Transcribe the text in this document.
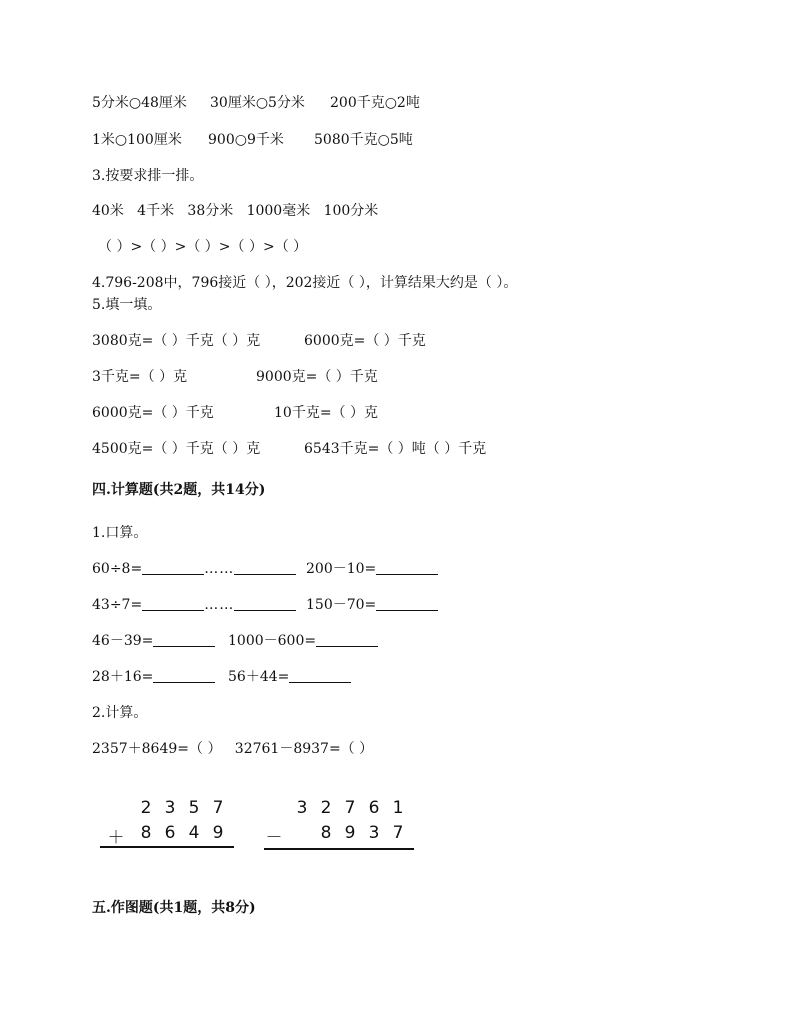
5分米○48厘米 30厘米○5分米 200千克○2吨
1米○100厘米 900○9千米 5080千克○5吨
3.按要求排一排。
40米   4千米   38分米   1000毫米   100分米
（ ）>（ ）>（ ）>（ ）>（ ）
4.796-208中，796接近（ ），202接近（ ），计算结果大约是（ ）。
5.填一填。
3080克=（ ）千克（ ）克	6000克=（ ）千克
3千克=（ ）克	9000克=（ ）千克
6000克=（ ）千克	10千克=（ ）克
4500克=（ ）千克（ ）克	6543千克=（ ）吨（ ）千克
四.计算题(共2题，共14分)
1.口算。
60÷8=	……	200－10=
43÷7=	……	150－70=
46－39=	1000－600=
28＋16=	56＋44=
2.计算。
2357＋8649=（ ）   32761－8937=（ ）
2 3 5 7
＋ 8 6 4 9
3 2 7 6 1
－ 8 9 3 7
五.作图题(共1题，共8分)
